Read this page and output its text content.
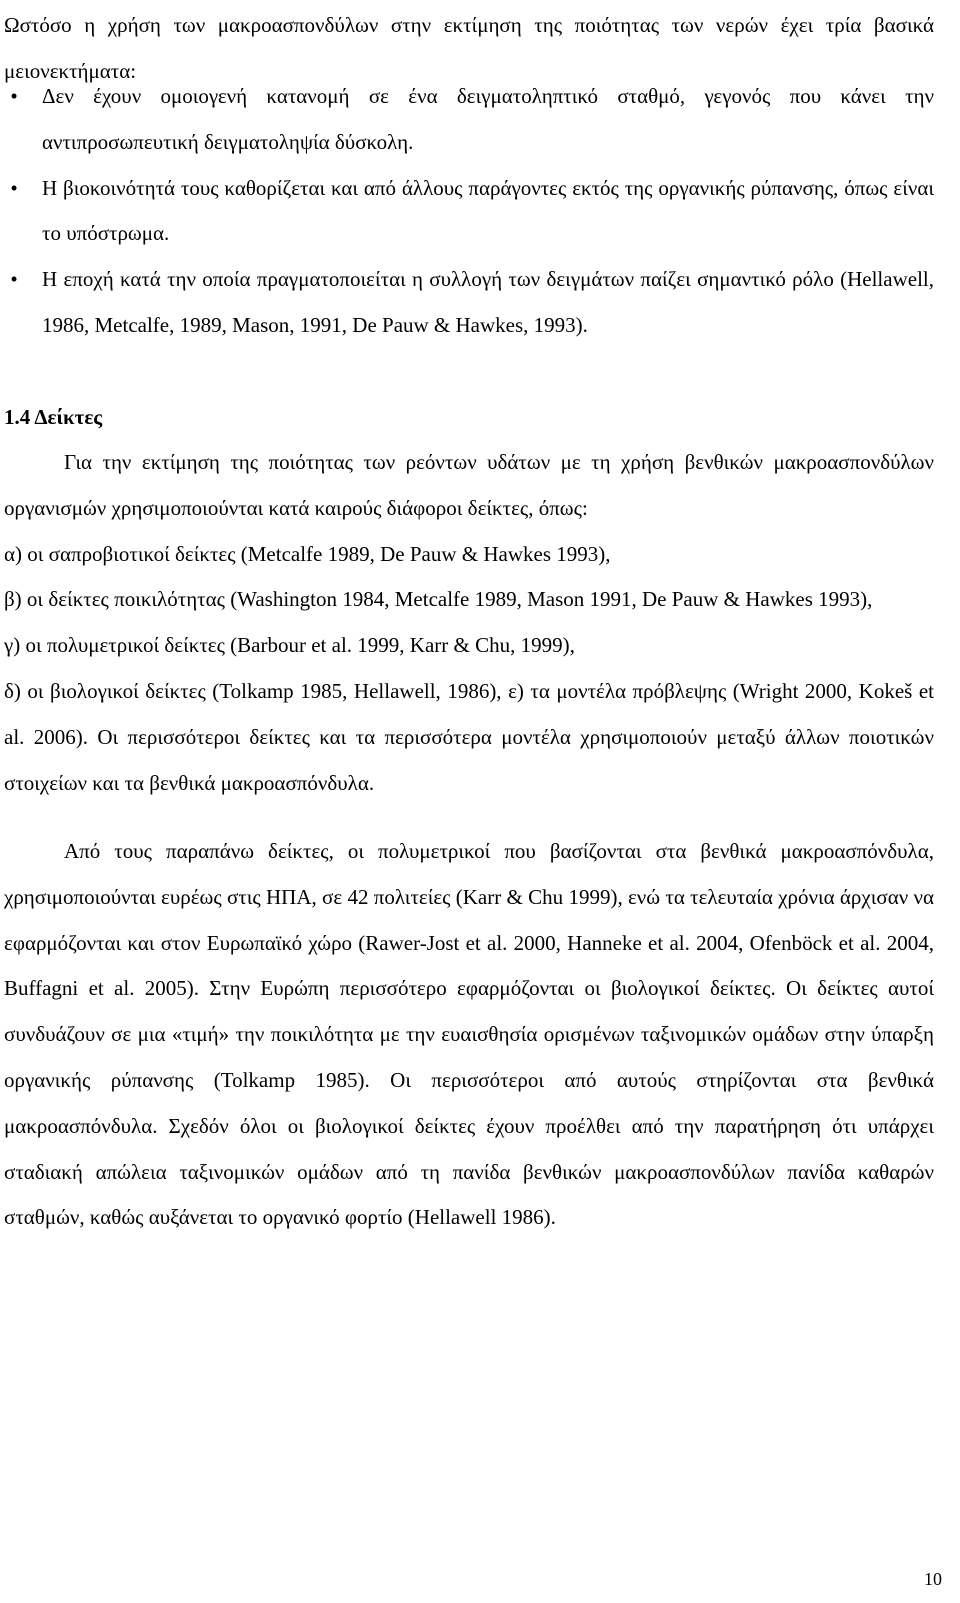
Ωστόσο η χρήση των μακροασπονδύλων στην εκτίμηση της ποιότητας των νερών έχει τρία βασικά μειονεκτήματα:
• Δεν έχουν ομοιογενή κατανομή σε ένα δειγματοληπτικό σταθμό, γεγονός που κάνει την αντιπροσωπευτική δειγματοληψία δύσκολη.
• Η βιοκοινότητά τους καθορίζεται και από άλλους παράγοντες εκτός της οργανικής ρύπανσης, όπως είναι το υπόστρωμα.
• Η εποχή κατά την οποία πραγματοποιείται η συλλογή των δειγμάτων παίζει σημαντικό ρόλο (Hellawell, 1986, Metcalfe, 1989, Mason, 1991, De Pauw & Hawkes, 1993).
1.4 Δείκτες

Για την εκτίμηση της ποιότητας των ρεόντων υδάτων με τη χρήση βενθικών μακροασπονδύλων οργανισμών χρησιμοποιούνται κατά καιρούς διάφοροι δείκτες, όπως:

α) οι σαπροβιοτικοί δείκτες (Metcalfe 1989, De Pauw & Hawkes 1993),

β) οι δείκτες ποικιλότητας (Washington 1984, Metcalfe 1989, Mason 1991, De Pauw & Hawkes 1993),

γ) οι πολυμετρικοί δείκτες (Barbour et al. 1999, Karr & Chu, 1999),

δ) οι βιολογικοί δείκτες (Tolkamp 1985, Hellawell, 1986), ε) τα μοντέλα πρόβλεψης (Wright 2000, Kokeš et al. 2006). Οι περισσότεροι δείκτες και τα περισσότερα μοντέλα χρησιμοποιούν μεταξύ άλλων ποιοτικών στοιχείων και τα βενθικά μακροασπόνδυλα.

Από τους παραπάνω δείκτες, οι πολυμετρικοί που βασίζονται στα βενθικά μακροασπόνδυλα, χρησιμοποιούνται ευρέως στις ΗΠΑ, σε 42 πολιτείες (Karr & Chu 1999), ενώ τα τελευταία χρόνια άρχισαν να εφαρμόζονται και στον Ευρωπαϊκό χώρο (Rawer-Jost et al. 2000, Hanneke et al. 2004, Ofenböck et al. 2004, Buffagni et al. 2005). Στην Ευρώπη περισσότερο εφαρμόζονται οι βιολογικοί δείκτες. Οι δείκτες αυτοί συνδυάζουν σε μια «τιμή» την ποικιλότητα με την ευαισθησία ορισμένων ταξινομικών ομάδων στην ύπαρξη οργανικής ρύπανσης (Tolkamp 1985). Οι περισσότεροι από αυτούς στηρίζονται στα βενθικά μακροασπόνδυλα. Σχεδόν όλοι οι βιολογικοί δείκτες έχουν προέλθει από την παρατήρηση ότι υπάρχει σταδιακή απώλεια ταξινομικών ομάδων από τη πανίδα βενθικών μακροασπονδύλων πανίδα καθαρών σταθμών, καθώς αυξάνεται το οργανικό φορτίο (Hellawell 1986).

10
